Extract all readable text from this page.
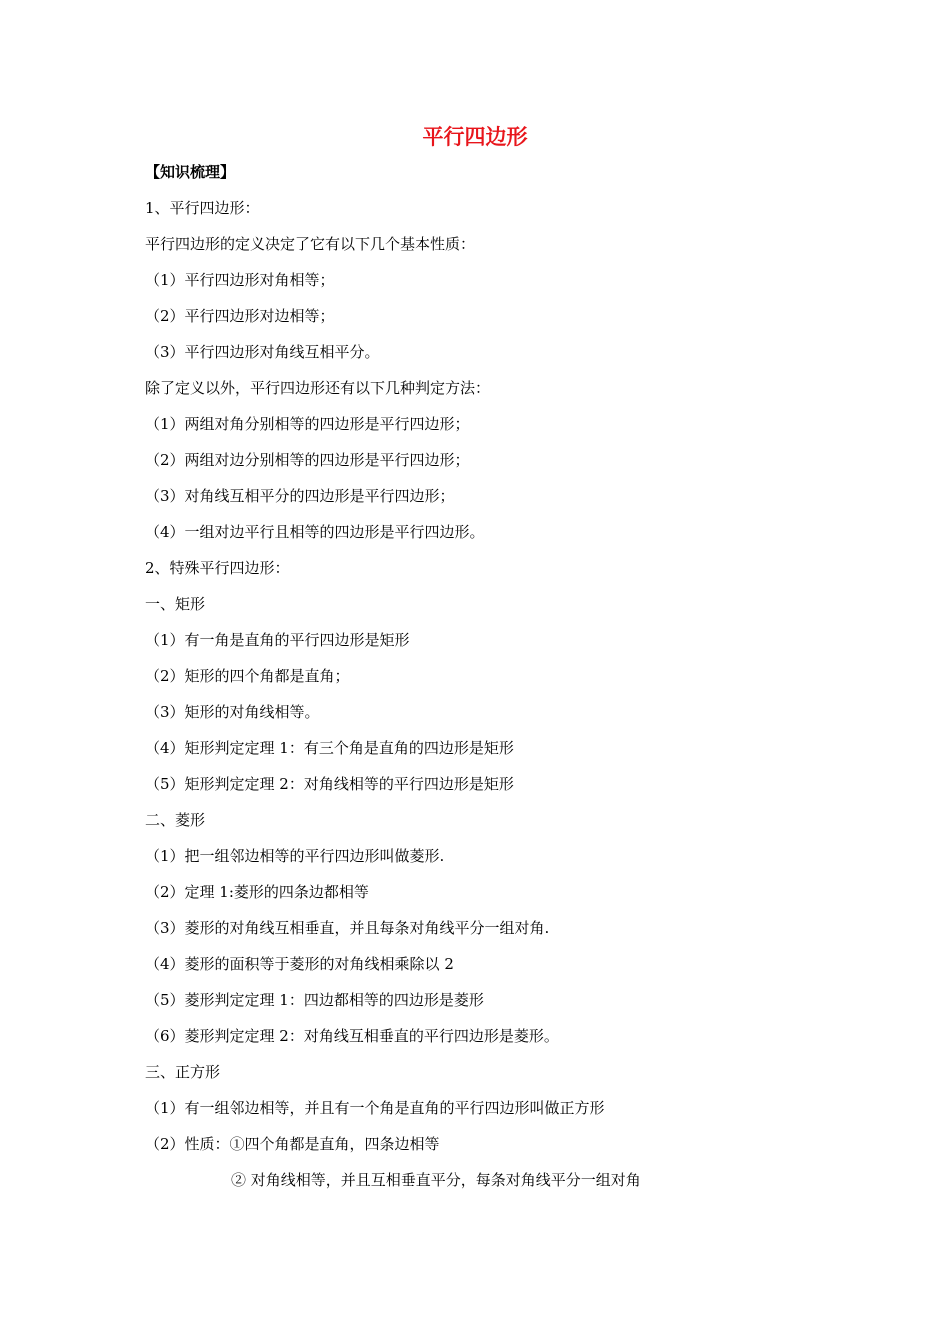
平行四边形
【知识梳理】
1、平行四边形：
平行四边形的定义决定了它有以下几个基本性质：
（1）平行四边形对角相等；
（2）平行四边形对边相等；
（3）平行四边形对角线互相平分。
除了定义以外，平行四边形还有以下几种判定方法：
（1）两组对角分别相等的四边形是平行四边形；
（2）两组对边分别相等的四边形是平行四边形；
（3）对角线互相平分的四边形是平行四边形；
（4）一组对边平行且相等的四边形是平行四边形。
2、特殊平行四边形：
一、矩形
（1）有一角是直角的平行四边形是矩形
（2）矩形的四个角都是直角；
（3）矩形的对角线相等。
（4）矩形判定定理 1：有三个角是直角的四边形是矩形
（5）矩形判定定理 2：对角线相等的平行四边形是矩形
二、菱形
（1）把一组邻边相等的平行四边形叫做菱形.
（2）定理 1:菱形的四条边都相等
（3）菱形的对角线互相垂直，并且每条对角线平分一组对角.
（4）菱形的面积等于菱形的对角线相乘除以 2
（5）菱形判定定理 1：四边都相等的四边形是菱形
（6）菱形判定定理 2：对角线互相垂直的平行四边形是菱形。
三、正方形
（1）有一组邻边相等，并且有一个角是直角的平行四边形叫做正方形
（2）性质：①四个角都是直角，四条边相等
② 对角线相等，并且互相垂直平分，每条对角线平分一组对角
